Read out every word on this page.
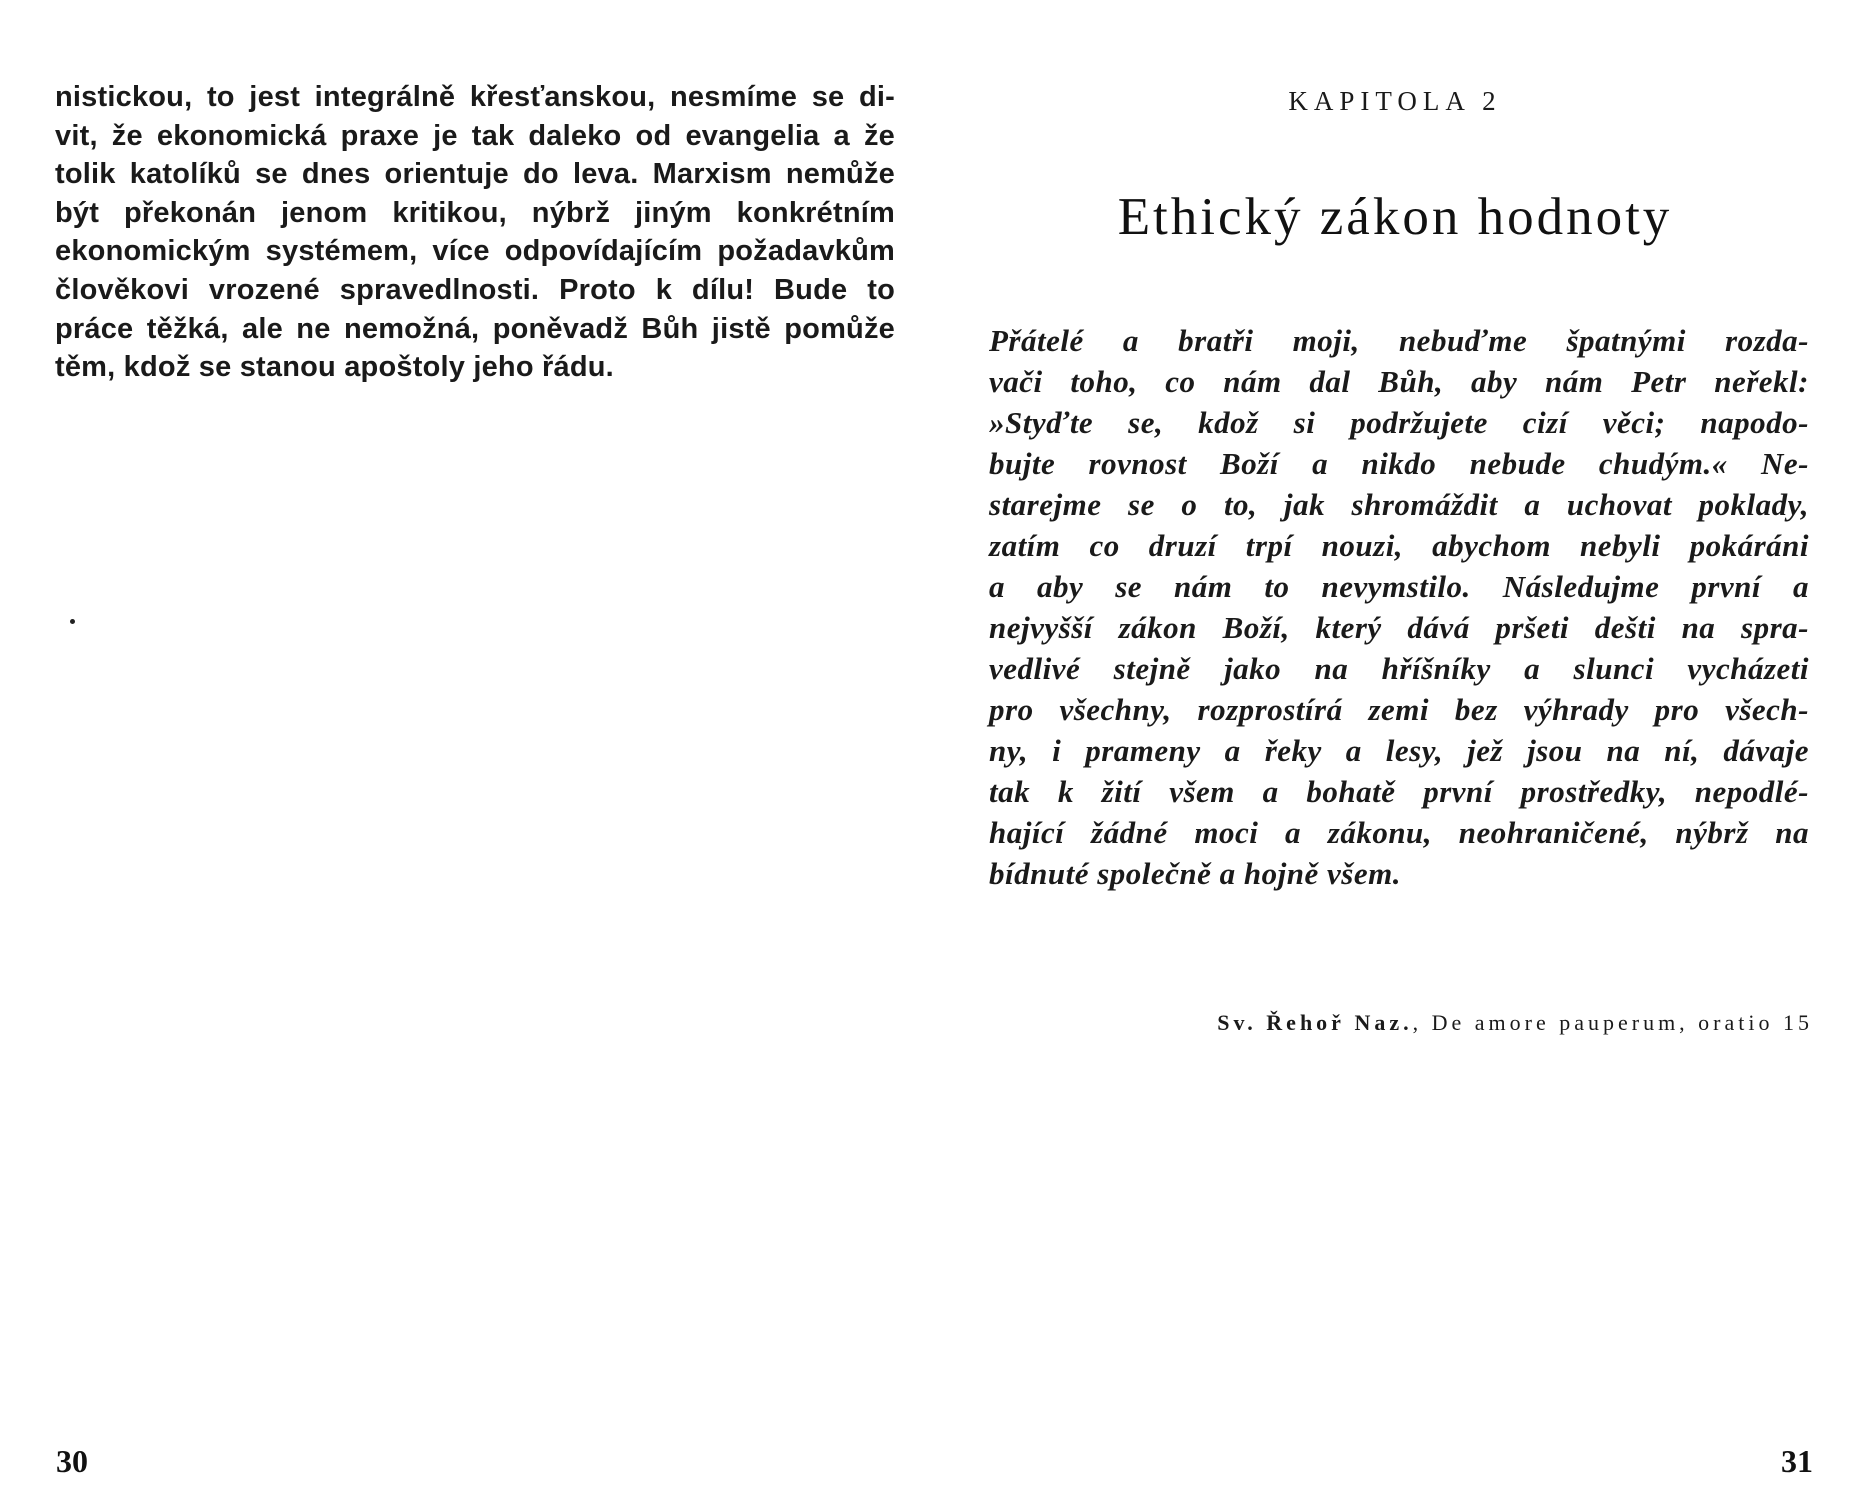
nistickou, to jest integrálně křesťanskou, nesmíme se di-
vit, že ekonomická praxe je tak daleko od evangelia a že
tolik katolíků se dnes orientuje do leva. Marxism nemůže
být překonán jenom kritikou, nýbrž jiným konkrétním
ekonomickým systémem, více odpovídajícím požadavkům
člověkovi vrozené spravedlnosti. Proto k dílu! Bude to
práce těžká, ale ne nemožná, poněvadž Bůh jistě pomůže
těm, kdož se stanou apoštoly jeho řádu.

30

KAPITOLA 2

Ethický zákon hodnoty
Přátelé a bratři moji, nebuďme špatnými rozda-
vači toho, co nám dal Bůh, aby nám Petr neřekl:
»Styďte se, kdož si podržujete cizí věci; napodo-
bujte rovnost Boží a nikdo nebude chudým.« Ne-
starejme se o to, jak shromáždit a uchovat poklady,
zatím co druzí trpí nouzi, abychom nebyli pokáráni
a aby se nám to nevymstilo. Následujme první a
nejvyšší zákon Boží, který dává pršeti dešti na spra-
vedlivé stejně jako na hříšníky a slunci vycházeti
pro všechny, rozprostírá zemi bez výhrady pro všech-
ny, i prameny a řeky a lesy, jež jsou na ní, dávaje
tak k žití všem a bohatě první prostředky, nepodlé-
hající žádné moci a zákonu, neohraničené, nýbrž na
bídnuté společně a hojně všem.

Sv. Řehoř Naz., De amore pauperum, oratio 15

31
